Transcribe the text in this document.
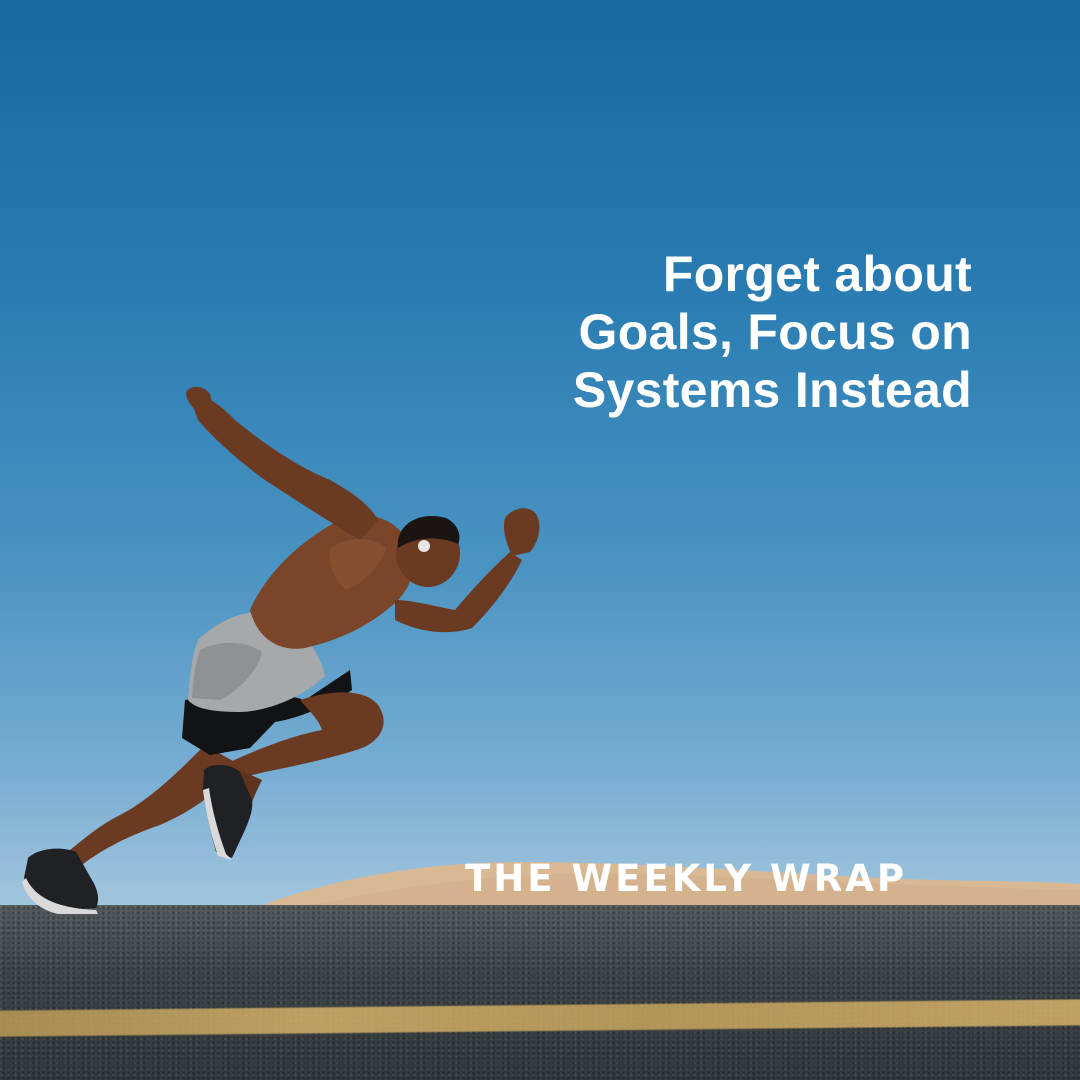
Forget about
Goals, Focus on
Systems Instead
THE WEEKLY WRAP
